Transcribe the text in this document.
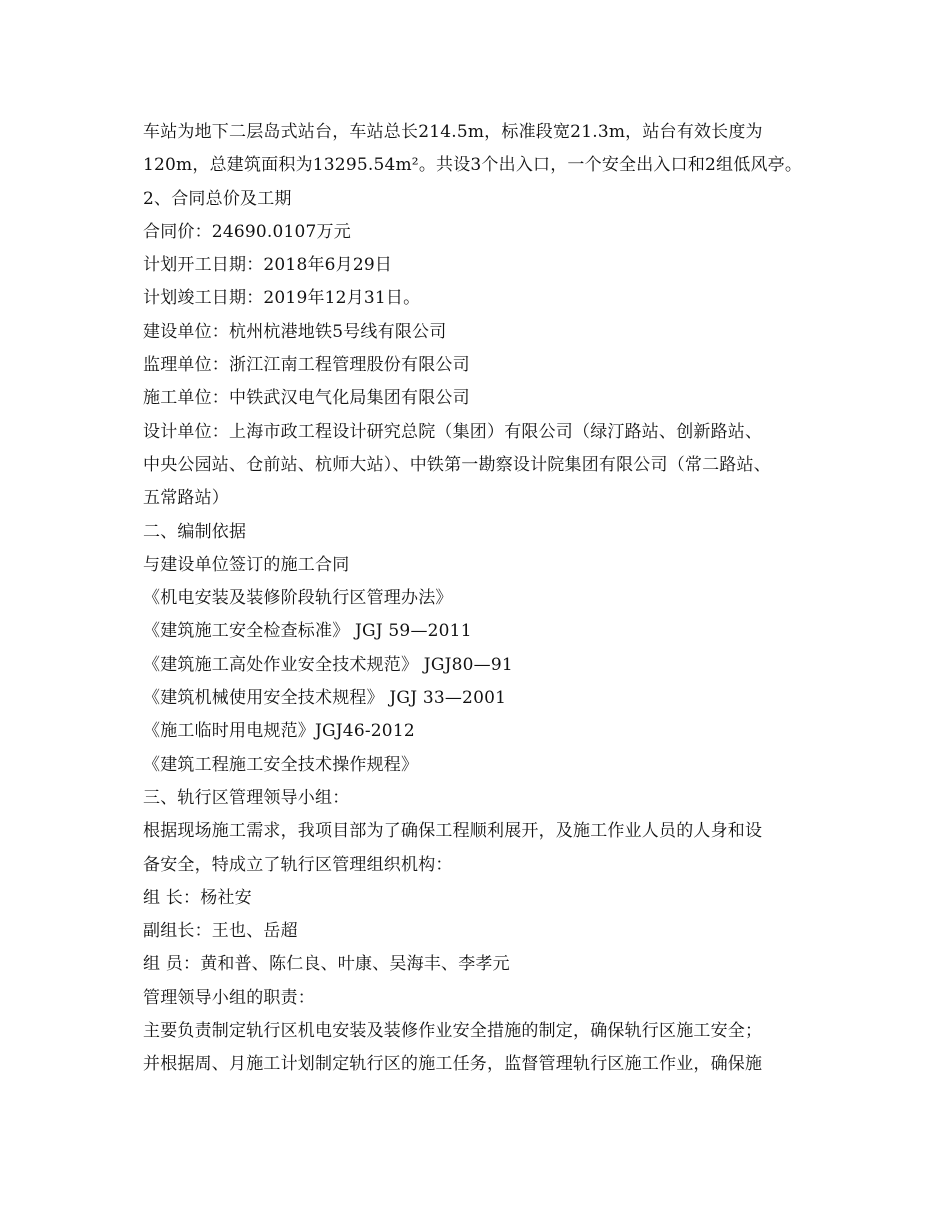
车站为地下二层岛式站台，车站总长214.5m，标准段宽21.3m，站台有效长度为
120m，总建筑面积为13295.54m²。共设3个出入口，一个安全出入口和2组低风亭。
2、合同总价及工期
合同价：24690.0107万元
计划开工日期：2018年6月29日
计划竣工日期：2019年12月31日。
建设单位：杭州杭港地铁5号线有限公司
监理单位：浙江江南工程管理股份有限公司
施工单位：中铁武汉电气化局集团有限公司
设计单位：上海市政工程设计研究总院（集团）有限公司（绿汀路站、创新路站、
中央公园站、仓前站、杭师大站）、中铁第一勘察设计院集团有限公司（常二路站、
五常路站）
二、编制依据
与建设单位签订的施工合同
《机电安装及装修阶段轨行区管理办法》
《建筑施工安全检查标准》 JGJ 59—2011
《建筑施工高处作业安全技术规范》 JGJ80—91
《建筑机械使用安全技术规程》 JGJ 33—2001
《施工临时用电规范》JGJ46-2012
《建筑工程施工安全技术操作规程》
三、轨行区管理领导小组：
根据现场施工需求，我项目部为了确保工程顺利展开，及施工作业人员的人身和设
备安全，特成立了轨行区管理组织机构：
组 长：杨社安
副组长：王也、岳超
组 员：黄和普、陈仁良、叶康、吴海丰、李孝元
管理领导小组的职责：
主要负责制定轨行区机电安装及装修作业安全措施的制定，确保轨行区施工安全；
并根据周、月施工计划制定轨行区的施工任务，监督管理轨行区施工作业，确保施
